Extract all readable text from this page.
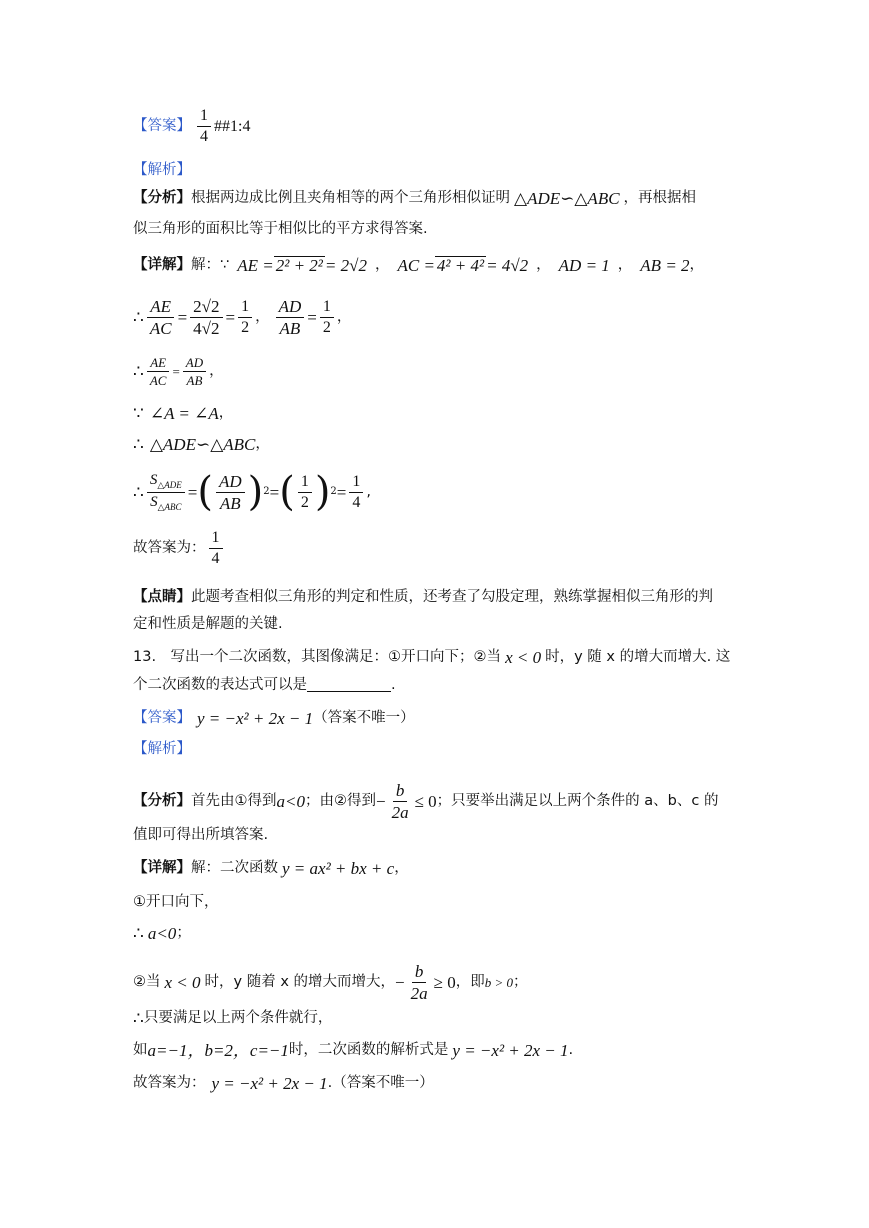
【答案】 $\frac{1}{4}$ ##1:4
【解析】
【分析】 根据两边成比例且夹角相等的两个三角形相似证明 △ADE∽△ABC ，再根据相
似三角形的面积比等于相似比的平方求得答案.
【详解】 解：∵ AE = 2² + 2² = 2√2 ， AC = 4² + 4² = 4√2 ， AD = 1 ， AB = 2 ，
∴ $\frac{AE}{AC} = \frac{2√2}{4√2} = \frac{1}{2}$ ， $\frac{AD}{AB} = \frac{1}{2}$ ，
∴ $\frac{AE}{AC} = \frac{AD}{AB}$ ，
∵ ∠A = ∠A ，
∴ △ADE∽△ABC ，
∴ $\frac{S_{\triangle ADE}}{S_{\triangle ABC}}$ = ( $\frac{AD}{AB}$ ) 2 = ( $\frac{1}{2}$ ) $2 = \frac{1}{4}$ ,
故答案为： $\frac{1}{4}$
【点睛】 此题考查相似三角形的判定和性质，还考查了勾股定理，熟练掌握相似三角形的判
定和性质是解题的关键.
13.　写出一个二次函数，其图像满足：①开口向下；②当 x < 0 时，y 随 x 的增大而增大. 这
个二次函数的表达式可以是	.
【答案】 y = −x² + 2x − 1 （答案不唯一）
【解析】
【分析】 首先由①得到 a<0 ；由②得到 − $\frac{b}{2a} \le 0$ ；只要举出满足以上两个条件的 a、b、c 的
值即可得出所填答案.
【详解】 解：二次函数 y = ax² + bx + c ，
①开口向下，
∴ a<0 ；
②当 x < 0 时，y 随着 x 的增大而增大， − $\frac{b}{2a} \ge 0$ ，即 b > 0 ；
∴ 只要满足以上两个条件就行，
如 a=−1，b=2，c=−1 时，二次函数的解析式是 y = −x² + 2x − 1 .
故答案为： y = −x² + 2x − 1 .（答案不唯一）
